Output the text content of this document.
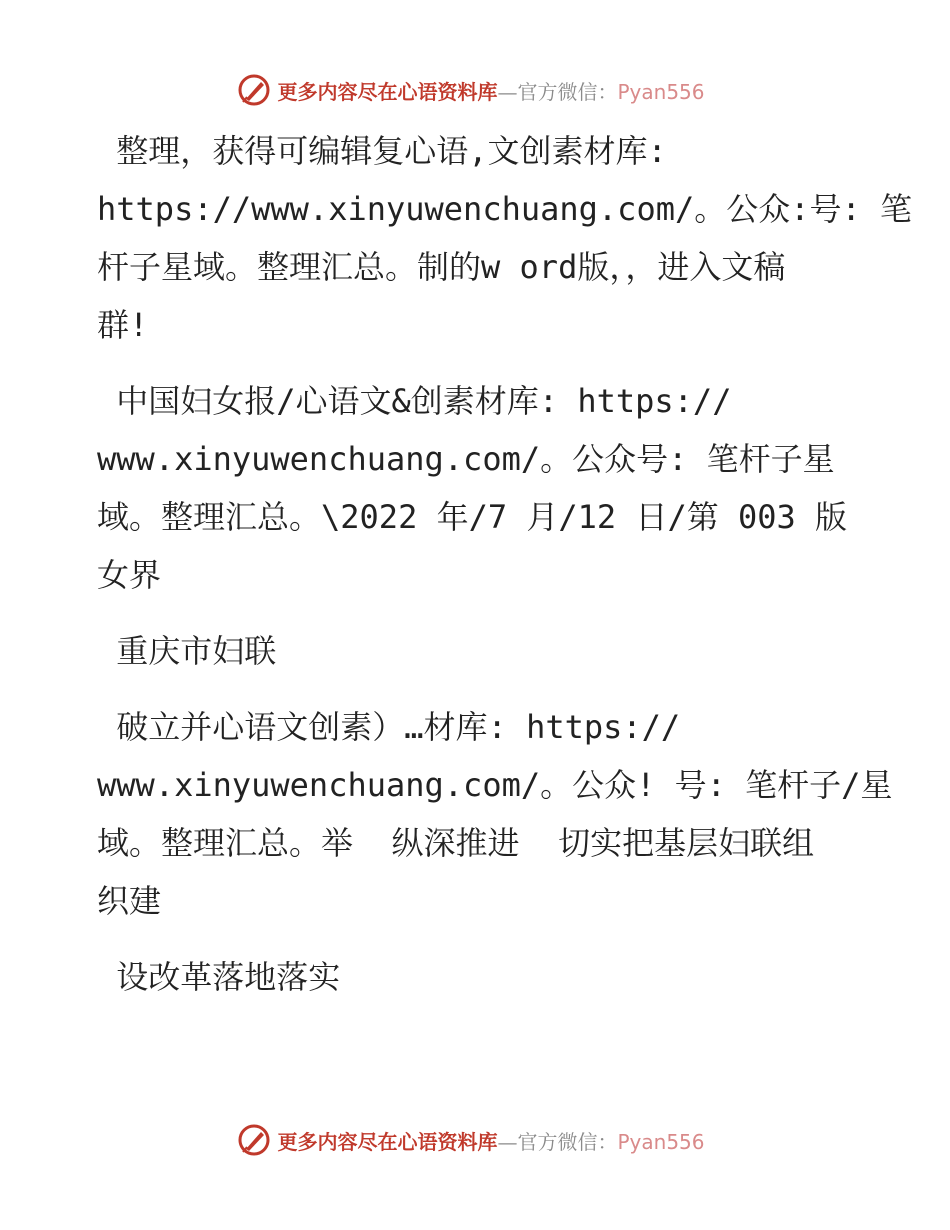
更多内容尽在心语资料库—官方微信：Pyan556
整理，获得可编辑复心语,文创素材库:
https://www.xinyuwenchuang.com/。公众:号: 笔
杆子星域。整理汇总。制的w ord版，，进入文稿
群!
中国妇女报/心语文&创素材库: https://
www.xinyuwenchuang.com/。公众号: 笔杆子星
域。整理汇总。\2022 年/7 月/12 日/第 003 版
女界
重庆市妇联
破立并心语文创素）…材库: https://
www.xinyuwenchuang.com/。公众! 号: 笔杆子/星
域。整理汇总。举  纵深推进  切实把基层妇联组
织建
设改革落地落实
更多内容尽在心语资料库—官方微信：Pyan556
